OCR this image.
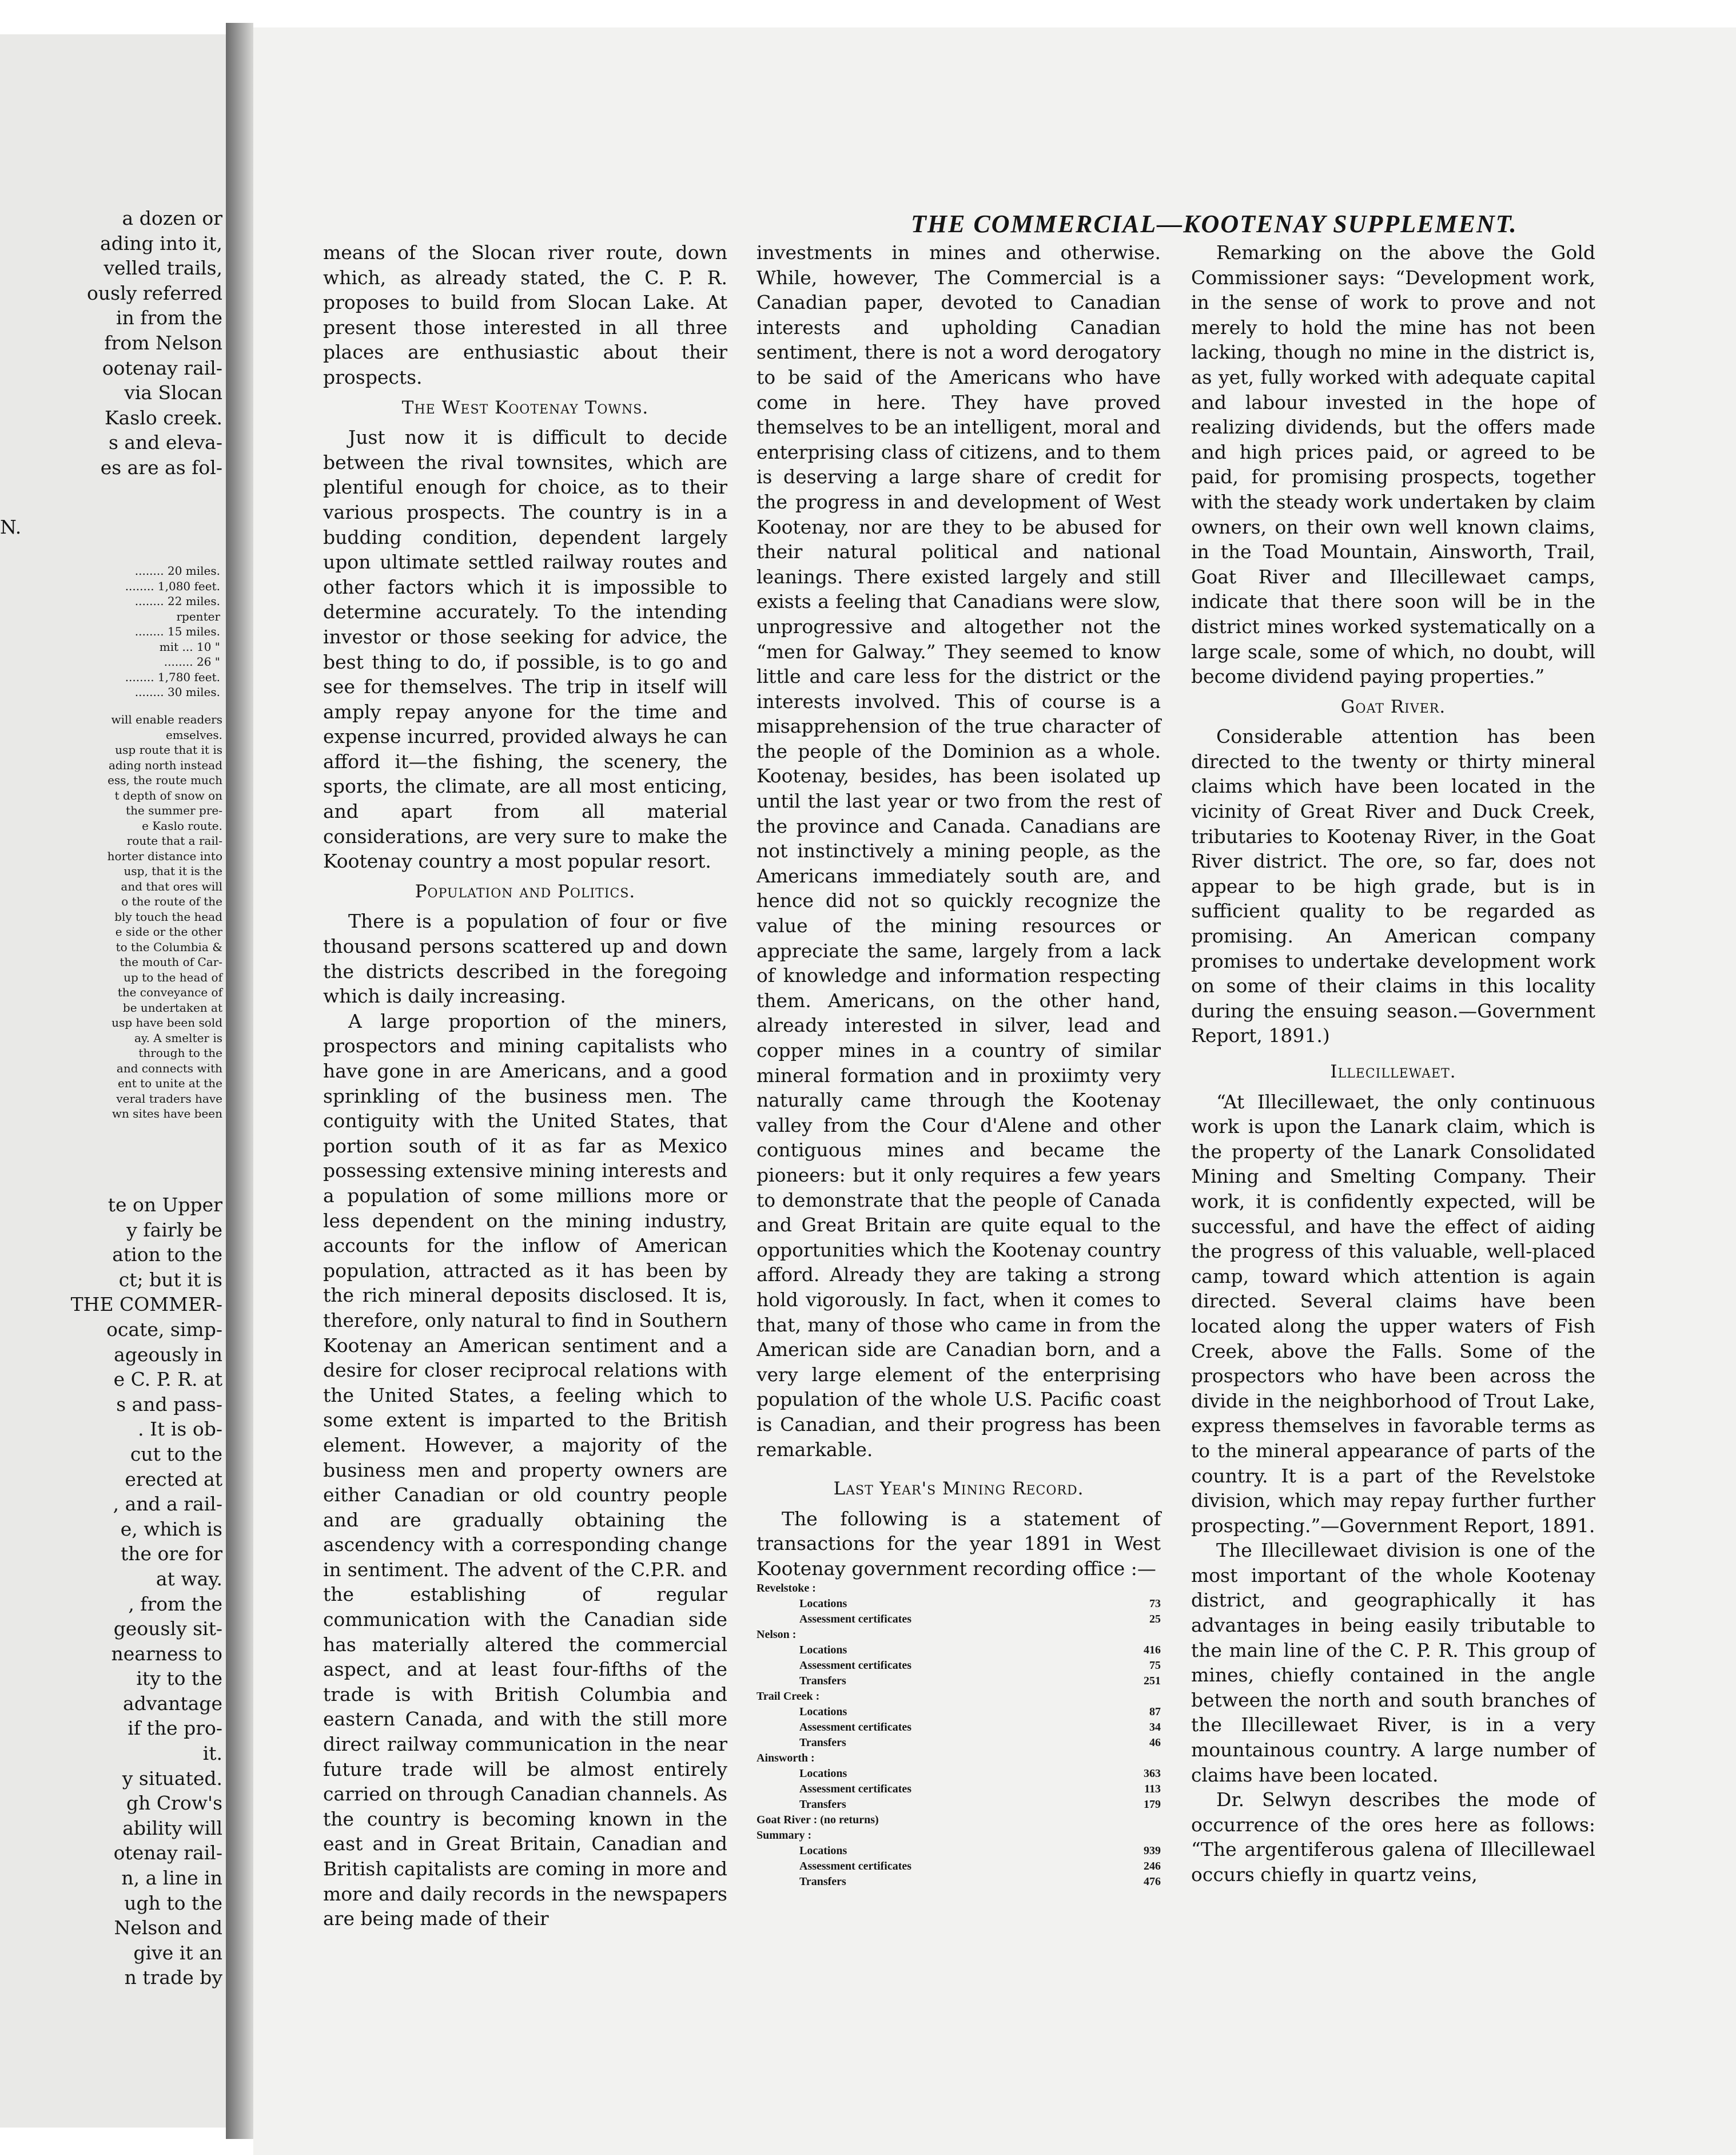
a dozen or
ading into it,
velled trails,
ously referred
in from the
from Nelson
ootenay rail-
via Slocan
Kaslo creek.
s and eleva-
es are as fol-
N.
........ 20 miles.
........ 1,080 feet.
........ 22 miles.
rpenter
........ 15 miles.
mit ... 10 "
........ 26 "
........ 1,780 feet.
........ 30 miles.
will enable readers
emselves.
usp route that it is
ading north instead
ess, the route much
t depth of snow on
the summer pre-
e Kaslo route.
route that a rail-
horter distance into
usp, that it is the
and that ores will
o the route of the
bly touch the head
e side or the other
to the Columbia &
the mouth of Car-
up to the head of
the conveyance of
be undertaken at
usp have been sold
ay. A smelter is
through to the
and connects with
ent to unite at the
veral traders have
wn sites have been
te on Upper
y fairly be
ation to the
ct; but it is
THE COMMER-
ocate, simp-
ageously in
e C. P. R. at
s and pass-
. It is ob-
cut to the
erected at
, and a rail-
e, which is
the ore for
at way.
, from the
geously sit-
nearness to
ity to the
advantage
if the pro-
it.
y situated.
gh Crow's
ability will
otenay rail-
n, a line in
ugh to the
Nelson and
give it an
n trade by
THE COMMERCIAL—KOOTENAY SUPPLEMENT.

means of the Slocan river route, down which, as already stated, the C. P. R. proposes to build from Slocan Lake. At present those interested in all three places are enthusiastic about their prospects.

The West Kootenay Towns.

Just now it is difficult to decide between the rival townsites, which are plentiful enough for choice, as to their various prospects. The country is in a budding condition, dependent largely upon ultimate settled railway routes and other factors which it is impossible to determine accurately. To the intending investor or those seeking for advice, the best thing to do, if possible, is to go and see for themselves. The trip in itself will amply repay anyone for the time and expense incurred, provided always he can afford it—the fishing, the scenery, the sports, the climate, are all most enticing, and apart from all material considerations, are very sure to make the Kootenay country a most popular resort.

Population and Politics.

There is a population of four or five thousand persons scattered up and down the districts described in the foregoing which is daily increasing.

A large proportion of the miners, prospectors and mining capitalists who have gone in are Americans, and a good sprinkling of the business men. The contiguity with the United States, that portion south of it as far as Mexico possessing extensive mining interests and a population of some millions more or less dependent on the mining industry, accounts for the inflow of American population, attracted as it has been by the rich mineral deposits disclosed. It is, therefore, only natural to find in Southern Kootenay an American sentiment and a desire for closer reciprocal relations with the United States, a feeling which to some extent is imparted to the British element. However, a majority of the business men and property owners are either Canadian or old country people and are gradually obtaining the ascendency with a corresponding change in sentiment. The advent of the C.P.R. and the establishing of regular communication with the Canadian side has materially altered the commercial aspect, and at least four-fifths of the trade is with British Columbia and eastern Canada, and with the still more direct railway communication in the near future trade will be almost entirely carried on through Canadian channels. As the country is becoming known in the east and in Great Britain, Canadian and British capitalists are coming in more and more and daily records in the newspapers are being made of their

investments in mines and otherwise. While, however, The Commercial is a Canadian paper, devoted to Canadian interests and upholding Canadian sentiment, there is not a word derogatory to be said of the Americans who have come in here. They have proved themselves to be an intelligent, moral and enterprising class of citizens, and to them is deserving a large share of credit for the progress in and development of West Kootenay, nor are they to be abused for their natural political and national leanings. There existed largely and still exists a feeling that Canadians were slow, unprogressive and altogether not the “men for Galway.” They seemed to know little and care less for the district or the interests involved. This of course is a misapprehension of the true character of the people of the Dominion as a whole. Kootenay, besides, has been isolated up until the last year or two from the rest of the province and Canada. Canadians are not instinctively a mining people, as the Americans immediately south are, and hence did not so quickly recognize the value of the mining resources or appreciate the same, largely from a lack of knowledge and information respecting them. Americans, on the other hand, already interested in silver, lead and copper mines in a country of similar mineral formation and in proxiimty very naturally came through the Kootenay valley from the Cour d'Alene and other contiguous mines and became the pioneers: but it only requires a few years to demonstrate that the people of Canada and Great Britain are quite equal to the opportunities which the Kootenay country afford. Already they are taking a strong hold vigorously. In fact, when it comes to that, many of those who came in from the American side are Canadian born, and a very large element of the enterprising population of the whole U.S. Pacific coast is Canadian, and their progress has been remarkable.

Last Year's Mining Record.

The following is a statement of transactions for the year 1891 in West Kootenay government recording office :—

Revelstoke :	
Locations	73
Assessment certificates	25
Nelson :	
Locations	416
Assessment certificates	75
Transfers	251
Trail Creek :	
Locations	87
Assessment certificates	34
Transfers	46
Ainsworth :	
Locations	363
Assessment certificates	113
Transfers	179
Goat River : (no returns)	
Summary :	
Locations	939
Assessment certificates	246
Transfers	476

Remarking on the above the Gold Commissioner says: “Development work, in the sense of work to prove and not merely to hold the mine has not been lacking, though no mine in the district is, as yet, fully worked with adequate capital and labour invested in the hope of realizing dividends, but the offers made and high prices paid, or agreed to be paid, for promising prospects, together with the steady work undertaken by claim owners, on their own well known claims, in the Toad Mountain, Ainsworth, Trail, Goat River and Illecillewaet camps, indicate that there soon will be in the district mines worked systematically on a large scale, some of which, no doubt, will become dividend paying properties.”

Goat River.

Considerable attention has been directed to the twenty or thirty mineral claims which have been located in the vicinity of Great River and Duck Creek, tributaries to Kootenay River, in the Goat River district. The ore, so far, does not appear to be high grade, but is in sufficient quality to be regarded as promising. An American company promises to undertake development work on some of their claims in this locality during the ensuing season.—Government Report, 1891.)

Illecillewaet.

“At Illecillewaet, the only continuous work is upon the Lanark claim, which is the property of the Lanark Consolidated Mining and Smelting Company. Their work, it is confidently expected, will be successful, and have the effect of aiding the progress of this valuable, well-placed camp, toward which attention is again directed. Several claims have been located along the upper waters of Fish Creek, above the Falls. Some of the prospectors who have been across the divide in the neighborhood of Trout Lake, express themselves in favorable terms as to the mineral appearance of parts of the country. It is a part of the Revelstoke division, which may repay further further prospecting.”—Government Report, 1891.

The Illecillewaet division is one of the most important of the whole Kootenay district, and geographically it has advantages in being easily tributable to the main line of the C. P. R. This group of mines, chiefly contained in the angle between the north and south branches of the Illecillewaet River, is in a very mountainous country. A large number of claims have been located.

Dr. Selwyn describes the mode of occurrence of the ores here as follows: “The argentiferous galena of Illecillewael occurs chiefly in quartz veins,
